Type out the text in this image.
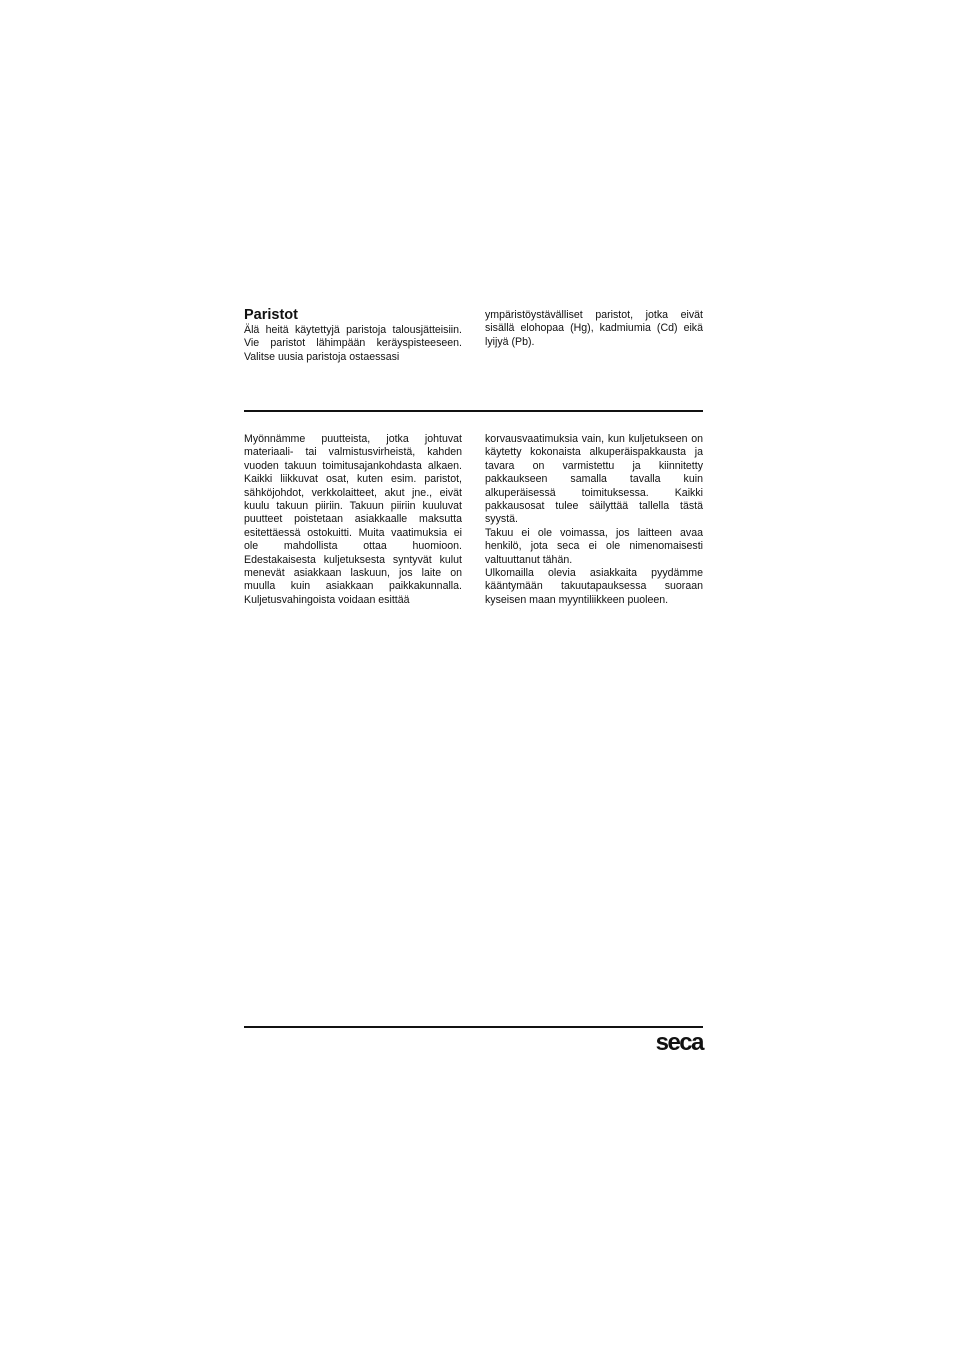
Paristot

Älä heitä käytettyjä paristoja talousjätteisiin. Vie paristot lähimpään keräyspisteeseen. Valitse uusia paristoja ostaessasi

ympäristöystävälliset paristot, jotka eivät sisällä elohopaa (Hg), kadmiumia (Cd) eikä lyijyä (Pb).

Myönnämme puutteista, jotka johtuvat materiaali- tai valmistusvirheistä, kahden vuoden takuun toimitusajankohdasta alkaen. Kaikki liikkuvat osat, kuten esim. paristot, sähköjohdot, verkkolaitteet, akut jne., eivät kuulu takuun piiriin. Takuun piiriin kuuluvat puutteet poistetaan asiakkaalle maksutta esitettäessä ostokuitti. Muita vaatimuksia ei ole mahdollista ottaa huomioon. Edestakaisesta kuljetuksesta syntyvät kulut menevät asiakkaan laskuun, jos laite on muulla kuin asiakkaan paikkakunnalla. Kuljetusvahingoista voidaan esittää

korvausvaatimuksia vain, kun kuljetukseen on käytetty kokonaista alkuperäispakkausta ja tavara on varmistettu ja kiinnitetty pakkaukseen samalla tavalla kuin alkuperäisessä toimituksessa. Kaikki pakkausosat tulee säilyttää tallella tästä syystä.

Takuu ei ole voimassa, jos laitteen avaa henkilö, jota seca ei ole nimenomaisesti valtuuttanut tähän.

Ulkomailla olevia asiakkaita pyydämme kääntymään takuutapauksessa suoraan kyseisen maan myyntiliikkeen puoleen.

seca
